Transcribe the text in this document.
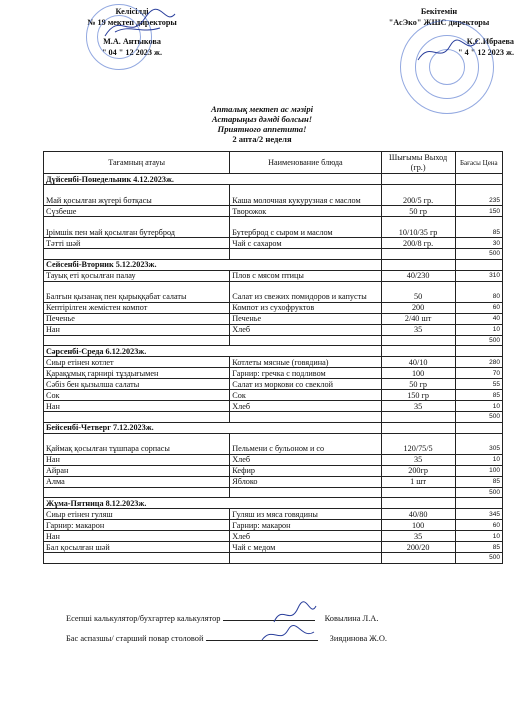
Келісілді
№ 19 мектеп директоры
М.А. Антыкова
" 04 " 12 2023 ж.
Бекітемін
"АсЭко" ЖШС директоры
К.С.Ибраева
" 4 " 12 2023 ж.
Апталық мектеп ас мәзірі
Астарыңыз дәмді болсын!
Приятного аппетита!
2 апта/2 неделя
Тағамның атауы	Наименование блюда	Шығымы Выход (гр.)	Бағасы Цена
Дүйсенбі-Понедельник 4.12.2023ж.			
Май қосылған жүгері ботқасы	Каша молочная кукурузная с маслом	200/5 гр.	235
Сүзбеше	Творожок	50 гр	150
Ірімшік пен май қосылған бутерброд	Бутерброд с сыром и маслом	10/10/35 гр	85
Тәтті шәй	Чай с сахаром	200/8 гр.	30
			500
Сейсенбі-Вторник 5.12.2023ж.			
Тауық еті қосылған палау	Плов с мясом птицы	40/230	310
Балғын қызанақ пен қырыққабат салаты	Салат из свежих помидоров и капусты	50	80
Кептірілген жемістен компот	Компот из сухофруктов	200	60
Печенье	Печенье	2/40 шт	40
Нан	Хлеб	35	10
			500
Сәрсенбі-Среда 6.12.2023ж.			
Сиыр етінен котлет	Котлеты мясные (говядина)	40/10	280
Қарақұмық гарнирі тұздығымен	Гарнир: гречка с подливом	100	70
Сәбіз бен қызылша салаты	Салат из моркови со свеклой	50 гр	55
Сок	Сок	150 гр	85
Нан	Хлеб	35	10
			500
Бейсенбі-Четверг 7.12.2023ж.			
Қаймақ қосылған тұшпара сорпасы	Пельмени с бульоном и со	120/75/5	305
Нан	Хлеб	35	10
Айран	Кефир	200гр	100
Алма	Яблоко	1 шт	85
			500
Жұма-Пятница 8.12.2023ж.			
Сиыр етінен гуляш	Гуляш из мяса говядины	40/80	345
Гарнир: макарон	Гарнир: макарон	100	60
Нан	Хлеб	35	10
Бал қосылған шәй	Чай с медом	200/20	85
			500
Есепші калькулятор/бухгартер калькулятор	Ковылина Л.А.
Бас аспазшы/ старший повар столовой	Зиядинова Ж.О.
